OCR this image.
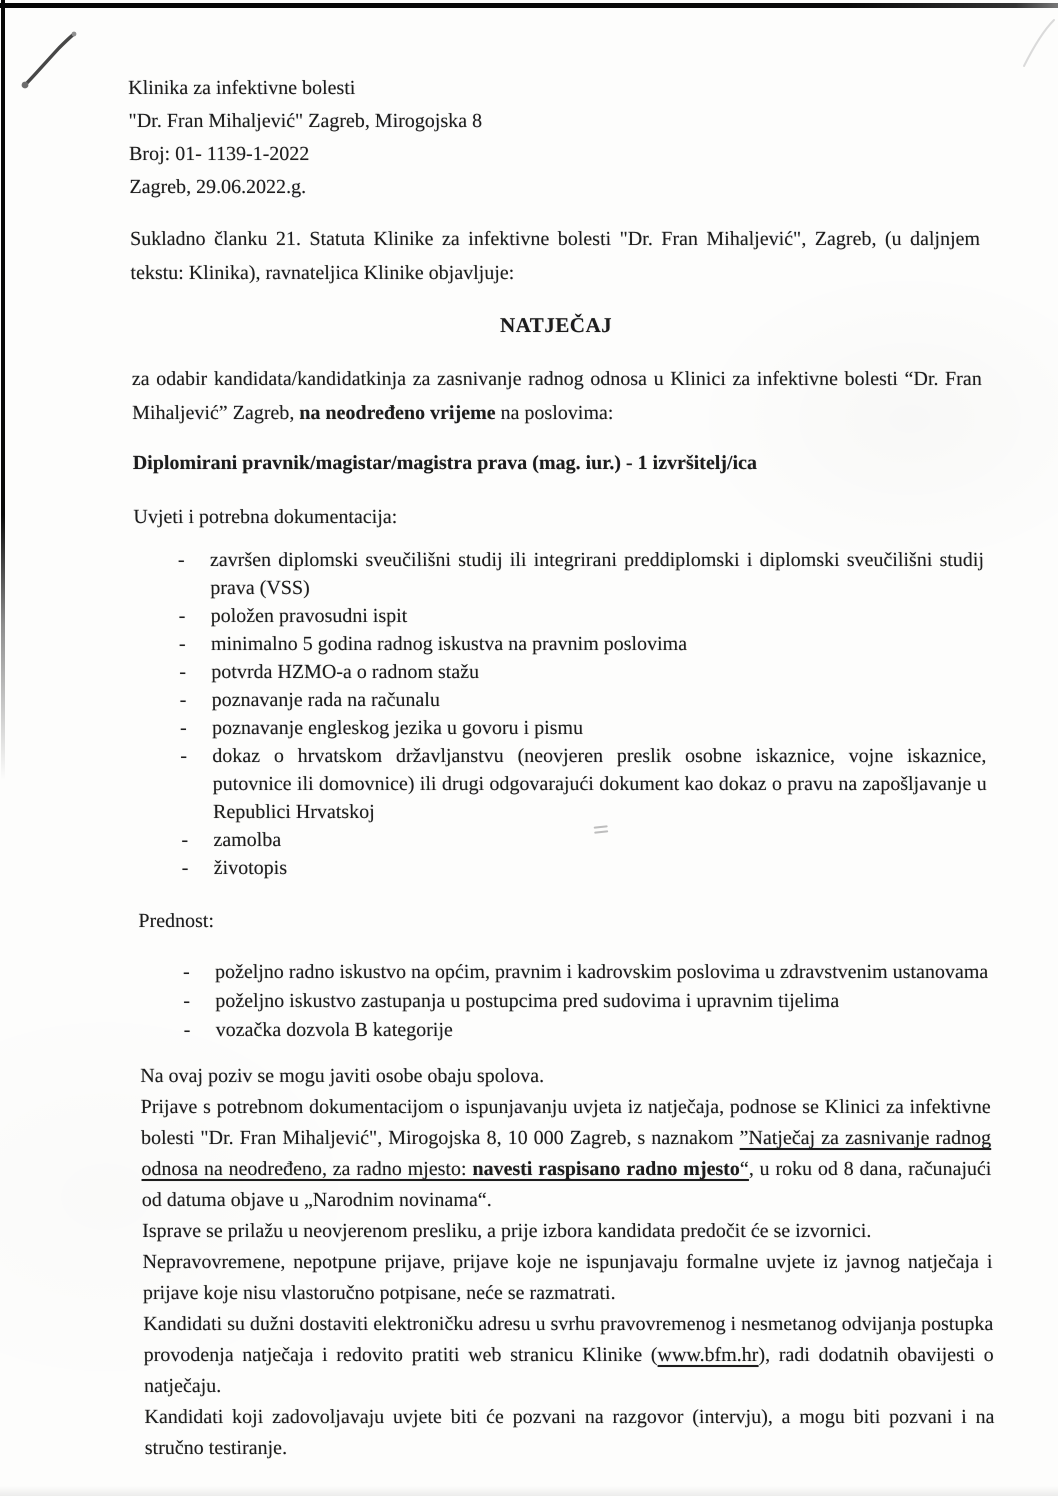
Klinika za infektivne bolesti
"Dr. Fran Mihaljević" Zagreb, Mirogojska 8
Broj: 01- 1139-1-2022
Zagreb, 29.06.2022.g.

Sukladno članku 21. Statuta Klinike za infektivne bolesti "Dr. Fran Mihaljević", Zagreb, (u daljnjem tekstu: Klinika), ravnateljica Klinike objavljuje:

NATJEČAJ

za odabir kandidata/kandidatkinja za zasnivanje radnog odnosa u Klinici za infektivne bolesti “Dr. Fran Mihaljević” Zagreb, na neodređeno vrijeme na poslovima:

Diplomirani pravnik/magistar/magistra prava (mag. iur.) - 1 izvršitelj/ica

Uvjeti i potrebna dokumentacija:

-	završen diplomski sveučilišni studij ili integrirani preddiplomski i diplomski sveučilišni studij prava (VSS)
-	položen pravosudni ispit
-	minimalno 5 godina radnog iskustva na pravnim poslovima
-	potvrda HZMO-a o radnom stažu
-	poznavanje rada na računalu
-	poznavanje engleskog jezika u govoru i pismu
-	dokaz o hrvatskom državljanstvu (neovjeren preslik osobne iskaznice, vojne iskaznice, putovnice ili domovnice) ili drugi odgovarajući dokument kao dokaz o pravu na zapošljavanje u Republici Hrvatskoj
-	zamolba
-	životopis

Prednost:

-	poželjno radno iskustvo na općim, pravnim i kadrovskim poslovima u zdravstvenim ustanovama
-	poželjno iskustvo zastupanja u postupcima pred sudovima i upravnim tijelima
-	vozačka dozvola B kategorije

Na ovaj poziv se mogu javiti osobe obaju spolova.

Prijave s potrebnom dokumentacijom o ispunjavanju uvjeta iz natječaja, podnose se Klinici za infektivne bolesti "Dr. Fran Mihaljević", Mirogojska 8, 10 000 Zagreb, s naznakom ”Natječaj za zasnivanje radnog odnosa na neodređeno, za radno mjesto: navesti raspisano radno mjesto“, u roku od 8 dana, računajući od datuma objave u „Narodnim novinama“.

Isprave se prilažu u neovjerenom presliku, a prije izbora kandidata predočit će se izvornici.

Nepravovremene, nepotpune prijave, prijave koje ne ispunjavaju formalne uvjete iz javnog natječaja i prijave koje nisu vlastoručno potpisane, neće se razmatrati.

Kandidati su dužni dostaviti elektroničku adresu u svrhu pravovremenog i nesmetanog odvijanja postupka provodenja natječaja i redovito pratiti web stranicu Klinike (www.bfm.hr), radi dodatnih obavijesti o natječaju.

Kandidati koji zadovoljavaju uvjete biti će pozvani na razgovor (intervju), a mogu biti pozvani i na stručno testiranje.
